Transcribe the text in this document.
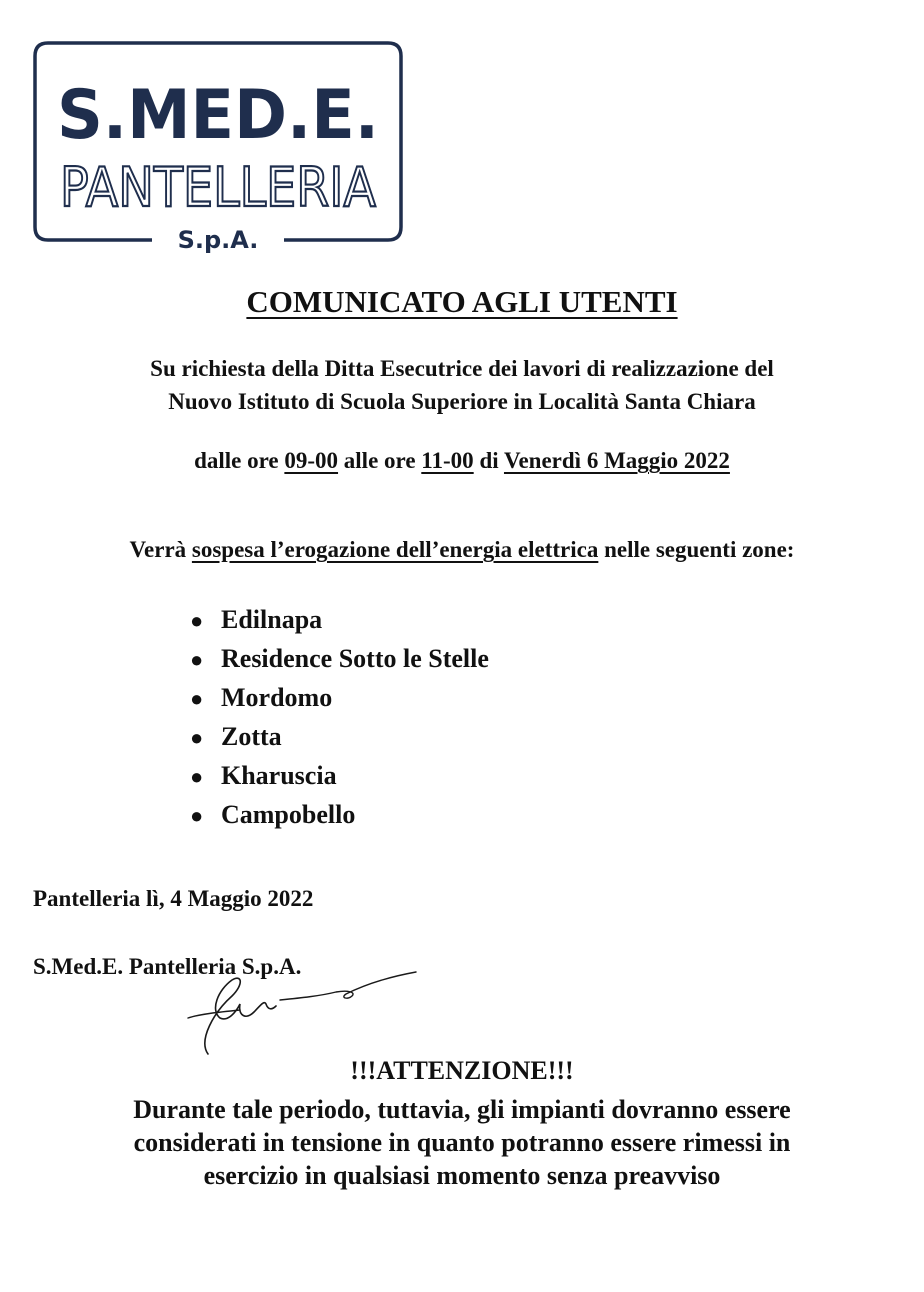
S.MED.E.
PANTELLERIA
S.p.A.
COMUNICATO AGLI UTENTI

Su richiesta della Ditta Esecutrice dei lavori di realizzazione del
Nuovo Istituto di Scuola Superiore in Località Santa Chiara

dalle ore 09-00 alle ore 11-00 di Venerdì 6 Maggio 2022

Verrà sospesa l’erogazione dell’energia elettrica nelle seguenti zone:

● Edilnapa
● Residence Sotto le Stelle
● Mordomo
● Zotta
● Kharuscia
● Campobello

Pantelleria lì, 4 Maggio 2022

S.Med.E. Pantelleria S.p.A.

!!!ATTENZIONE!!!

Durante tale periodo, tuttavia, gli impianti dovranno essere
considerati in tensione in quanto potranno essere rimessi in
esercizio in qualsiasi momento senza preavviso
